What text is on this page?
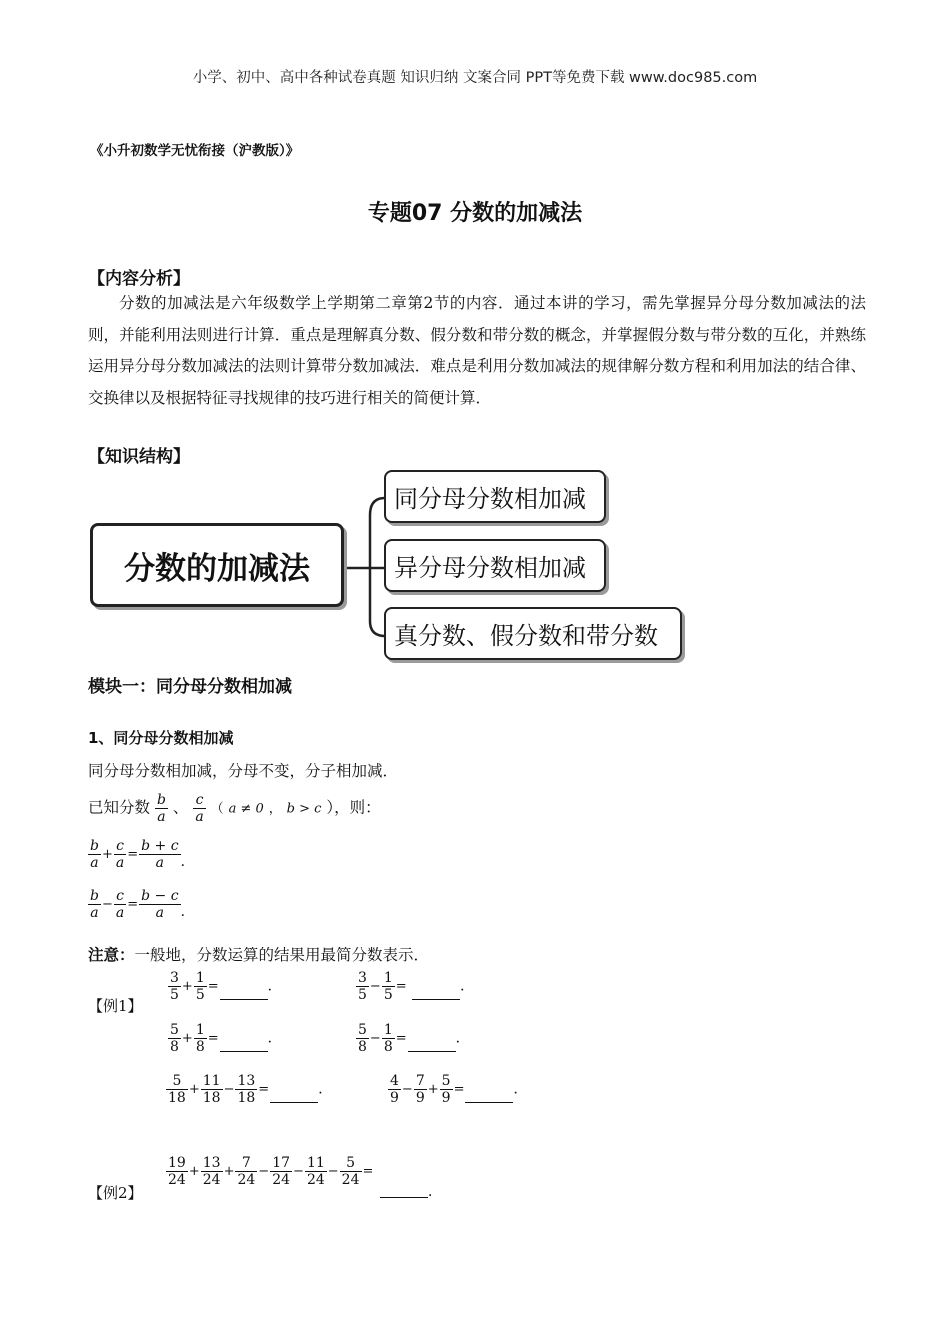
小学、初中、高中各种试卷真题 知识归纳 文案合同 PPT等免费下载 www.doc985.com
《小升初数学无忧衔接（沪教版）》
专题07 分数的加减法
【内容分析】
分数的加减法是六年级数学上学期第二章第2节的内容．通过本讲的学习，需先掌握异分母分数加减法的法则，并能利用法则进行计算．重点是理解真分数、假分数和带分数的概念，并掌握假分数与带分数的互化，并熟练运用异分母分数加减法的法则计算带分数加减法．难点是利用分数加减法的规律解分数方程和利用加法的结合律、交换律以及根据特征寻找规律的技巧进行相关的简便计算．
【知识结构】
分数的加减法
同分母分数相加减
异分母分数相加减
真分数、假分数和带分数
模块一：同分母分数相加减
1、同分母分数相加减
同分母分数相加减，分母不变，分子相加减．
已知分数 $\frac{b}{a}$ 、 $\frac{c}{a}$ （ a ≠ 0 ， b > c ），则：
$\frac{b}{a} + \frac{c}{a} = \frac{b + c}{a}$ ．
$\frac{b}{a} - \frac{c}{a} = \frac{b - c}{a}$ ．
注意：一般地，分数运算的结果用最简分数表示．
【例1】
$\frac{3}{5} + \frac{1}{5}$ =	．	$\frac{3}{5} - \frac{1}{5}$ =	．
$\frac{5}{8} + \frac{1}{8}$ =	．	$\frac{5}{8} - \frac{1}{8}$ =	．
$\frac{5}{18} + \frac{11}{18} - \frac{13}{18}$ =	．	$\frac{4}{9} - \frac{7}{9} + \frac{5}{9}$ =	．
【例2】
$\frac{19}{24} + \frac{13}{24} + \frac{7}{24} - \frac{17}{24} - \frac{11}{24} - \frac{5}{24}$ =
．
